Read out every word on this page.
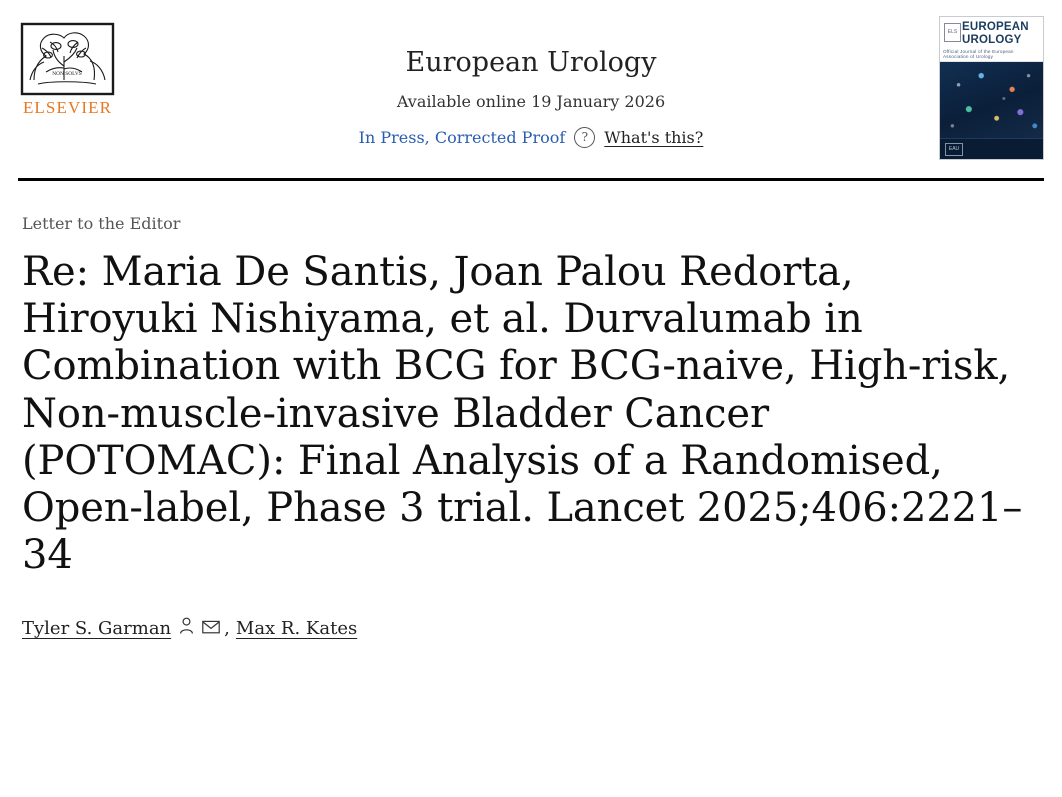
NON SOLVS
ELSEVIER
European Urology
Available online 19 January 2026
In Press, Corrected Proof	?	What's this?
ELS EUROPEAN
UROLOGY
Official Journal of the European Association of Urology
EAU
Letter to the Editor
Re: Maria De Santis, Joan Palou Redorta, Hiroyuki Nishiyama, et al. Durvalumab in Combination with BCG for BCG-naive, High-risk, Non-muscle-invasive Bladder Cancer (POTOMAC): Final Analysis of a Randomised, Open-label, Phase 3 trial. Lancet 2025;406:2221–34
Tyler S. Garman	, Max R. Kates
